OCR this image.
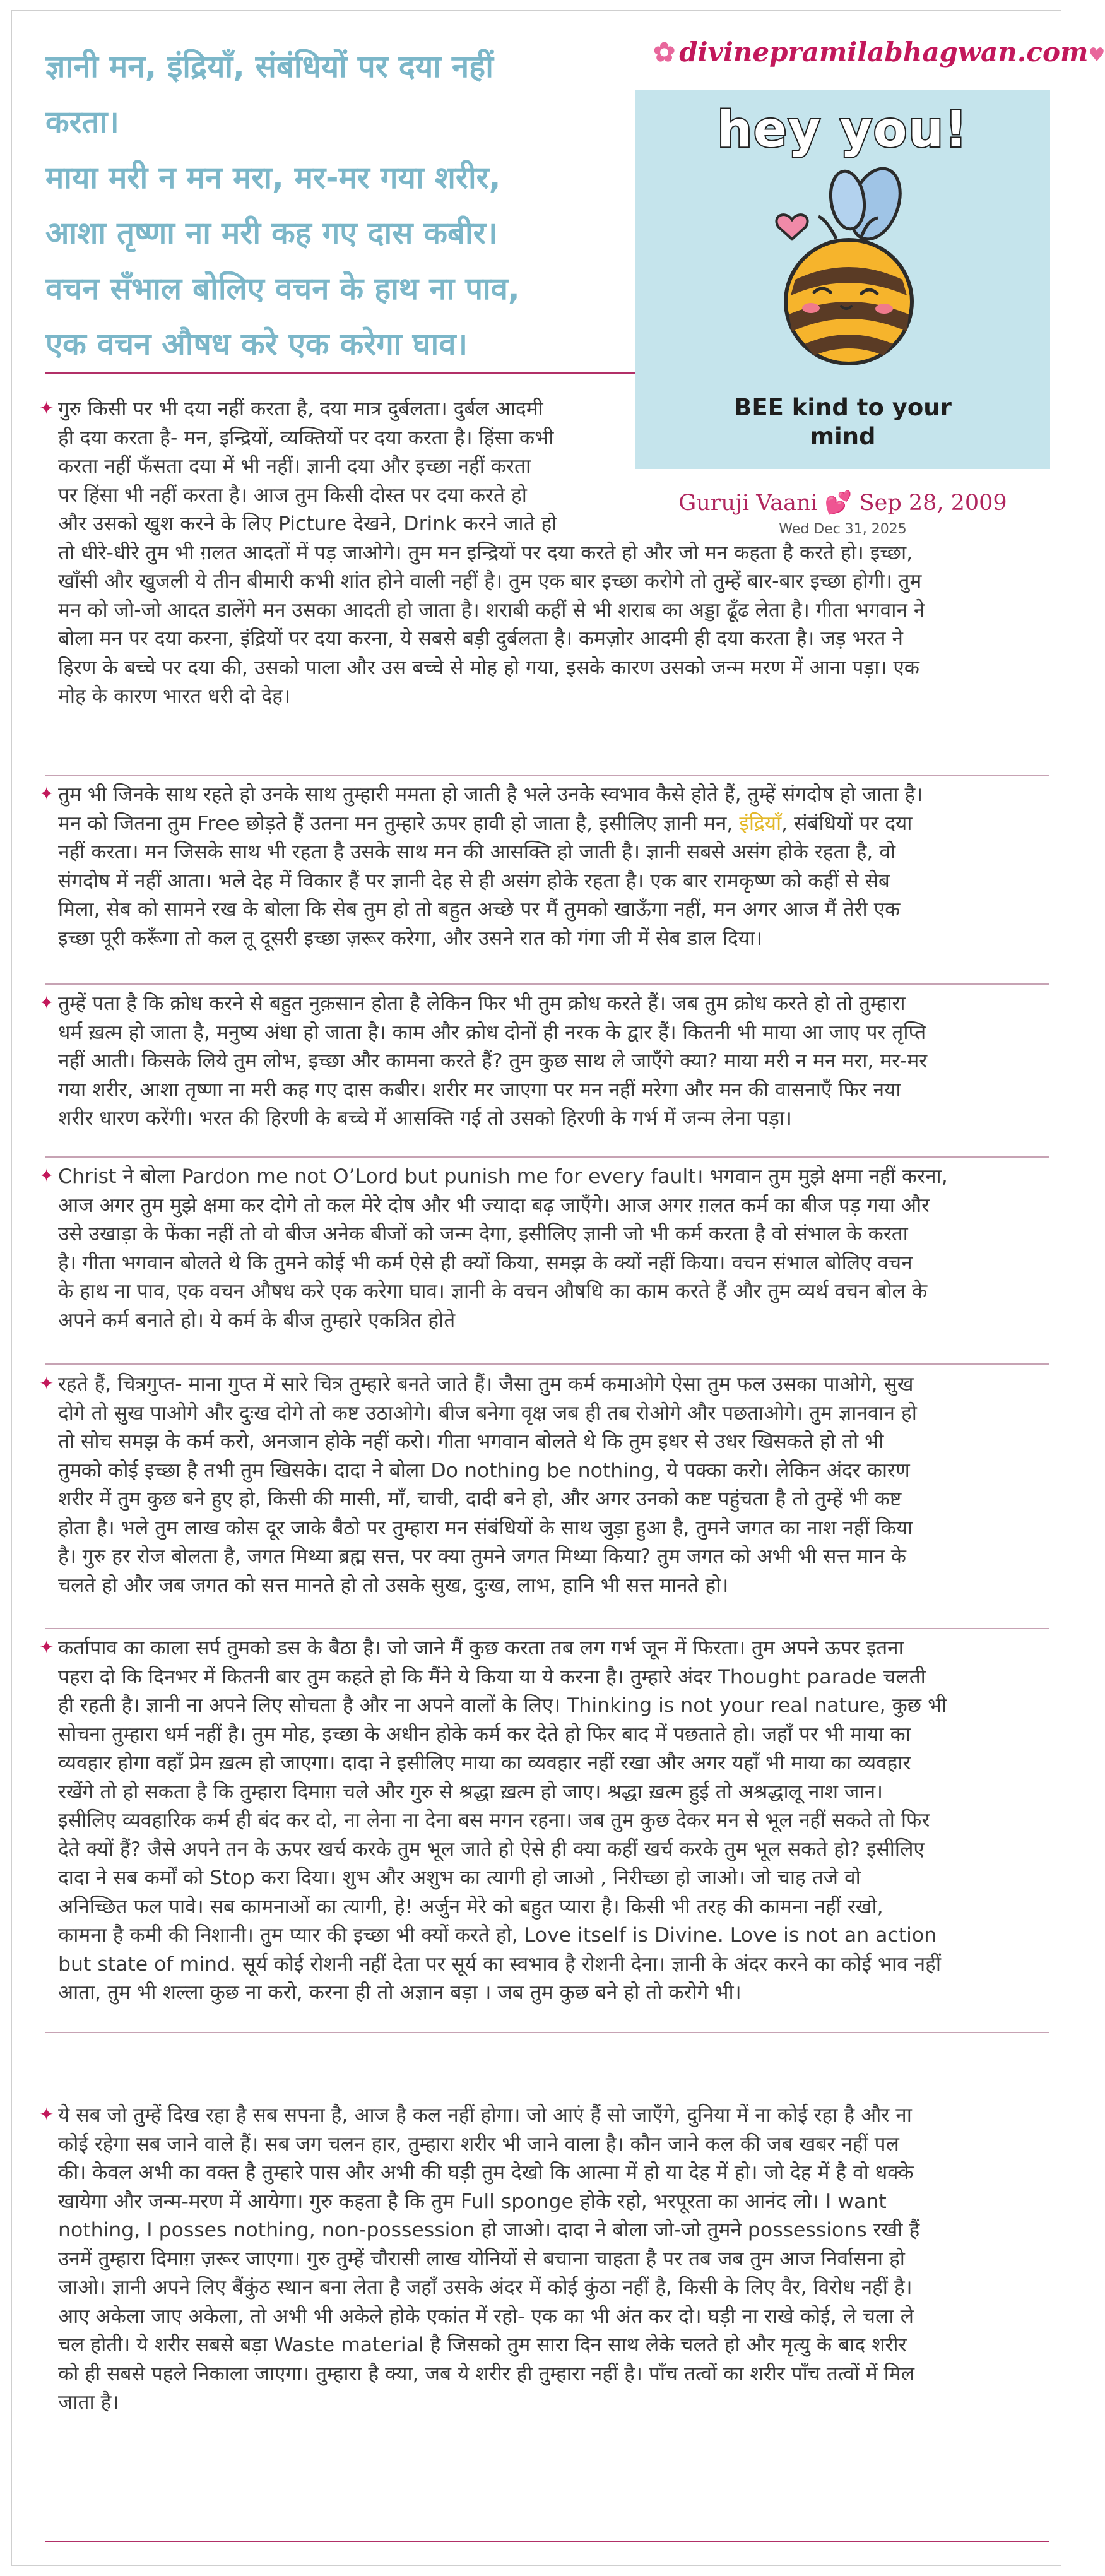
ज्ञानी मन, इंद्रियाँ, संबंधियों पर दया नहीं
करता।
माया मरी न मन मरा, मर-मर गया शरीर,
आशा तृष्णा ना मरी कह गए दास कबीर।
वचन सँभाल बोलिए वचन के हाथ ना पाव,
एक वचन औषध करे एक करेगा घाव।
✿ divinepramilabhagwan.com♥
hey you!
BEE kind to your
mind
Guruji Vaani 💕 Sep 28, 2009
Wed Dec 31, 2025
✦ गुरु किसी पर भी दया नहीं करता है, दया मात्र दुर्बलता। दुर्बल आदमी
ही दया करता है- मन, इन्द्रियों, व्यक्तियों पर दया करता है। हिंसा कभी
करता नहीं फँसता दया में भी नहीं। ज्ञानी दया और इच्छा नहीं करता
पर हिंसा भी नहीं करता है। आज तुम किसी दोस्त पर दया करते हो
और उसको खुश करने के लिए Picture देखने, Drink करने जाते हो
तो धीरे-धीरे तुम भी ग़लत आदतों में पड़ जाओगे। तुम मन इन्द्रियों पर दया करते हो और जो मन कहता है करते हो। इच्छा,
खाँसी और खुजली ये तीन बीमारी कभी शांत होने वाली नहीं है। तुम एक बार इच्छा करोगे तो तुम्हें बार-बार इच्छा होगी। तुम
मन को जो-जो आदत डालेंगे मन उसका आदती हो जाता है। शराबी कहीं से भी शराब का अड्डा ढूँढ लेता है। गीता भगवान ने
बोला मन पर दया करना, इंद्रियों पर दया करना, ये सबसे बड़ी दुर्बलता है। कमज़ोर आदमी ही दया करता है। जड़ भरत ने
हिरण के बच्चे पर दया की, उसको पाला और उस बच्चे से मोह हो गया, इसके कारण उसको जन्म मरण में आना पड़ा। एक
मोह के कारण भारत धरी दो देह।
✦ तुम भी जिनके साथ रहते हो उनके साथ तुम्हारी ममता हो जाती है भले उनके स्वभाव कैसे होते हैं, तुम्हें संगदोष हो जाता है।
मन को जितना तुम Free छोड़ते हैं उतना मन तुम्हारे ऊपर हावी हो जाता है, इसीलिए ज्ञानी मन, इंद्रियाँ, संबंधियों पर दया
नहीं करता। मन जिसके साथ भी रहता है उसके साथ मन की आसक्ति हो जाती है। ज्ञानी सबसे असंग होके रहता है, वो
संगदोष में नहीं आता। भले देह में विकार हैं पर ज्ञानी देह से ही असंग होके रहता है। एक बार रामकृष्ण को कहीं से सेब
मिला, सेब को सामने रख के बोला कि सेब तुम हो तो बहुत अच्छे पर मैं तुमको खाऊँगा नहीं, मन अगर आज मैं तेरी एक
इच्छा पूरी करूँगा तो कल तू दूसरी इच्छा ज़रूर करेगा, और उसने रात को गंगा जी में सेब डाल दिया।
✦ तुम्हें पता है कि क्रोध करने से बहुत नुक़सान होता है लेकिन फिर भी तुम क्रोध करते हैं। जब तुम क्रोध करते हो तो तुम्हारा
धर्म ख़त्म हो जाता है, मनुष्य अंधा हो जाता है। काम और क्रोध दोनों ही नरक के द्वार हैं। कितनी भी माया आ जाए पर तृप्ति
नहीं आती। किसके लिये तुम लोभ, इच्छा और कामना करते हैं? तुम कुछ साथ ले जाएँगे क्या? माया मरी न मन मरा, मर-मर
गया शरीर, आशा तृष्णा ना मरी कह गए दास कबीर। शरीर मर जाएगा पर मन नहीं मरेगा और मन की वासनाएँ फिर नया
शरीर धारण करेंगी। भरत की हिरणी के बच्चे में आसक्ति गई तो उसको हिरणी के गर्भ में जन्म लेना पड़ा।
✦ Christ ने बोला Pardon me not O’Lord but punish me for every fault। भगवान तुम मुझे क्षमा नहीं करना,
आज अगर तुम मुझे क्षमा कर दोगे तो कल मेरे दोष और भी ज्यादा बढ़ जाएँगे। आज अगर ग़लत कर्म का बीज पड़ गया और
उसे उखाड़ा के फेंका नहीं तो वो बीज अनेक बीजों को जन्म देगा, इसीलिए ज्ञानी जो भी कर्म करता है वो संभाल के करता
है। गीता भगवान बोलते थे कि तुमने कोई भी कर्म ऐसे ही क्यों किया, समझ के क्यों नहीं किया। वचन संभाल बोलिए वचन
के हाथ ना पाव, एक वचन औषध करे एक करेगा घाव। ज्ञानी के वचन औषधि का काम करते हैं और तुम व्यर्थ वचन बोल के
अपने कर्म बनाते हो। ये कर्म के बीज तुम्हारे एकत्रित होते
✦ रहते हैं, चित्रगुप्त- माना गुप्त में सारे चित्र तुम्हारे बनते जाते हैं। जैसा तुम कर्म कमाओगे ऐसा तुम फल उसका पाओगे, सुख
दोगे तो सुख पाओगे और दुःख दोगे तो कष्ट उठाओगे। बीज बनेगा वृक्ष जब ही तब रोओगे और पछताओगे। तुम ज्ञानवान हो
तो सोच समझ के कर्म करो, अनजान होके नहीं करो। गीता भगवान बोलते थे कि तुम इधर से उधर खिसकते हो तो भी
तुमको कोई इच्छा है तभी तुम खिसके। दादा ने बोला Do nothing be nothing, ये पक्का करो। लेकिन अंदर कारण
शरीर में तुम कुछ बने हुए हो, किसी की मासी, माँ, चाची, दादी बने हो, और अगर उनको कष्ट पहुंचता है तो तुम्हें भी कष्ट
होता है। भले तुम लाख कोस दूर जाके बैठो पर तुम्हारा मन संबंधियों के साथ जुड़ा हुआ है, तुमने जगत का नाश नहीं किया
है। गुरु हर रोज बोलता है, जगत मिथ्या ब्रह्म सत्त, पर क्या तुमने जगत मिथ्या किया? तुम जगत को अभी भी सत्त मान के
चलते हो और जब जगत को सत्त मानते हो तो उसके सुख, दुःख, लाभ, हानि भी सत्त मानते हो।
✦ कर्तापाव का काला सर्प तुमको डस के बैठा है। जो जाने मैं कुछ करता तब लग गर्भ जून में फिरता। तुम अपने ऊपर इतना
पहरा दो कि दिनभर में कितनी बार तुम कहते हो कि मैंने ये किया या ये करना है। तुम्हारे अंदर Thought parade चलती
ही रहती है। ज्ञानी ना अपने लिए सोचता है और ना अपने वालों के लिए। Thinking is not your real nature, कुछ भी
सोचना तुम्हारा धर्म नहीं है। तुम मोह, इच्छा के अधीन होके कर्म कर देते हो फिर बाद में पछताते हो। जहाँ पर भी माया का
व्यवहार होगा वहाँ प्रेम ख़त्म हो जाएगा। दादा ने इसीलिए माया का व्यवहार नहीं रखा और अगर यहाँ भी माया का व्यवहार
रखेंगे तो हो सकता है कि तुम्हारा दिमाग़ चले और गुरु से श्रद्धा ख़त्म हो जाए। श्रद्धा ख़त्म हुई तो अश्रद्धालू नाश जान।
इसीलिए व्यवहारिक कर्म ही बंद कर दो, ना लेना ना देना बस मगन रहना। जब तुम कुछ देकर मन से भूल नहीं सकते तो फिर
देते क्यों हैं? जैसे अपने तन के ऊपर खर्च करके तुम भूल जाते हो ऐसे ही क्या कहीं खर्च करके तुम भूल सकते हो? इसीलिए
दादा ने सब कर्मों को Stop करा दिया। शुभ और अशुभ का त्यागी हो जाओ , निरीच्छा हो जाओ। जो चाह तजे वो
अनिच्छित फल पावे। सब कामनाओं का त्यागी, हे! अर्जुन मेरे को बहुत प्यारा है। किसी भी तरह की कामना नहीं रखो,
कामना है कमी की निशानी। तुम प्यार की इच्छा भी क्यों करते हो, Love itself is Divine. Love is not an action
but state of mind. सूर्य कोई रोशनी नहीं देता पर सूर्य का स्वभाव है रोशनी देना। ज्ञानी के अंदर करने का कोई भाव नहीं
आता, तुम भी शल्ला कुछ ना करो, करना ही तो अज्ञान बड़ा । जब तुम कुछ बने हो तो करोगे भी।
✦ ये सब जो तुम्हें दिख रहा है सब सपना है, आज है कल नहीं होगा। जो आएं हैं सो जाएँगे, दुनिया में ना कोई रहा है और ना
कोई रहेगा सब जाने वाले हैं। सब जग चलन हार, तुम्हारा शरीर भी जाने वाला है। कौन जाने कल की जब खबर नहीं पल
की। केवल अभी का वक्त है तुम्हारे पास और अभी की घड़ी तुम देखो कि आत्मा में हो या देह में हो। जो देह में है वो धक्के
खायेगा और जन्म-मरण में आयेगा। गुरु कहता है कि तुम Full sponge होके रहो, भरपूरता का आनंद लो। I want
nothing, I posses nothing, non-possession हो जाओ। दादा ने बोला जो-जो तुमने possessions रखी हैं
उनमें तुम्हारा दिमाग़ ज़रूर जाएगा। गुरु तुम्हें चौरासी लाख योनियों से बचाना चाहता है पर तब जब तुम आज निर्वासना हो
जाओ। ज्ञानी अपने लिए बैंकुंठ स्थान बना लेता है जहाँ उसके अंदर में कोई कुंठा नहीं है, किसी के लिए वैर, विरोध नहीं है।
आए अकेला जाए अकेला, तो अभी भी अकेले होके एकांत में रहो- एक का भी अंत कर दो। घड़ी ना राखे कोई, ले चला ले
चल होती। ये शरीर सबसे बड़ा Waste material है जिसको तुम सारा दिन साथ लेके चलते हो और मृत्यु के बाद शरीर
को ही सबसे पहले निकाला जाएगा। तुम्हारा है क्या, जब ये शरीर ही तुम्हारा नहीं है। पाँच तत्वों का शरीर पाँच तत्वों में मिल
जाता है।
